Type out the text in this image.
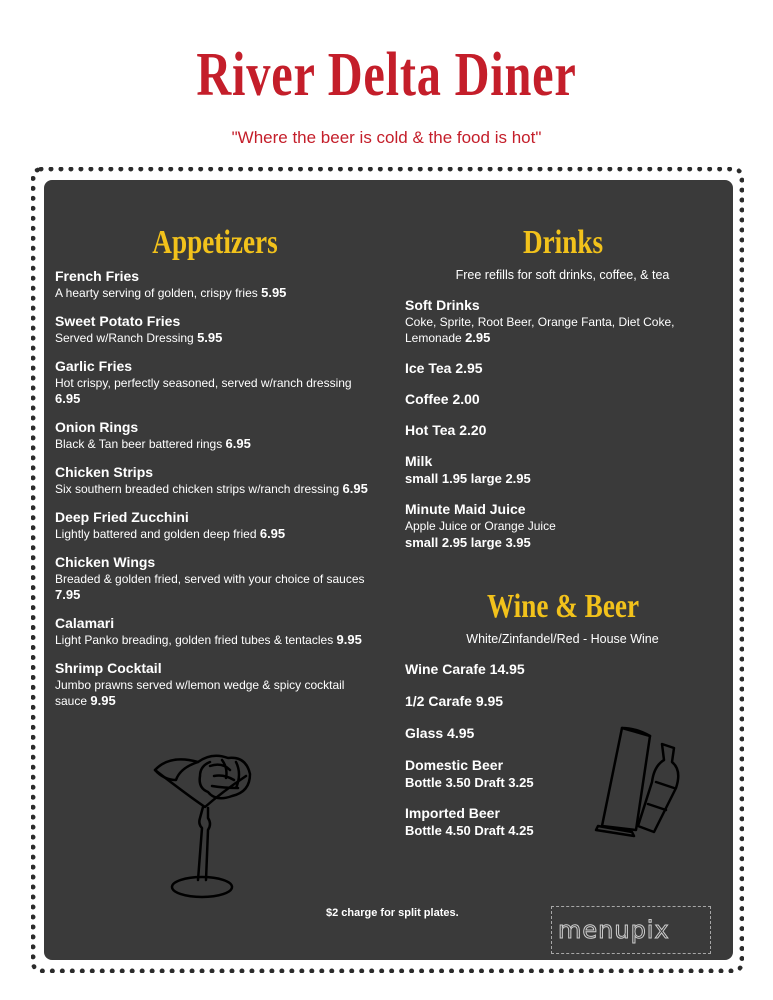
River Delta Diner
"Where the beer is cold & the food is hot"
Appetizers
French Fries
A hearty serving of golden, crispy fries 5.95
Sweet Potato Fries
Served w/Ranch Dressing 5.95
Garlic Fries
Hot crispy, perfectly seasoned, served w/ranch dressing 6.95
Onion Rings
Black & Tan beer battered rings 6.95
Chicken Strips
Six southern breaded chicken strips w/ranch dressing 6.95
Deep Fried Zucchini
Lightly battered and golden deep fried 6.95
Chicken Wings
Breaded & golden fried, served with your choice of sauces 7.95
Calamari
Light Panko breading, golden fried tubes & tentacles 9.95
Shrimp Cocktail
Jumbo prawns served w/lemon wedge & spicy cocktail sauce 9.95
Drinks
Free refills for soft drinks, coffee, & tea
Soft Drinks
Coke, Sprite, Root Beer, Orange Fanta, Diet Coke, Lemonade 2.95
Ice Tea 2.95
Coffee 2.00
Hot Tea 2.20
Milk
small 1.95 large 2.95
Minute Maid Juice
Apple Juice or Orange Juice
small 2.95 large 3.95
Wine & Beer
White/Zinfandel/Red - House Wine
Wine Carafe 14.95
1/2 Carafe 9.95
Glass 4.95
Domestic Beer
Bottle 3.50 Draft 3.25
Imported Beer
Bottle 4.50 Draft 4.25
$2 charge for split plates.
menupix
